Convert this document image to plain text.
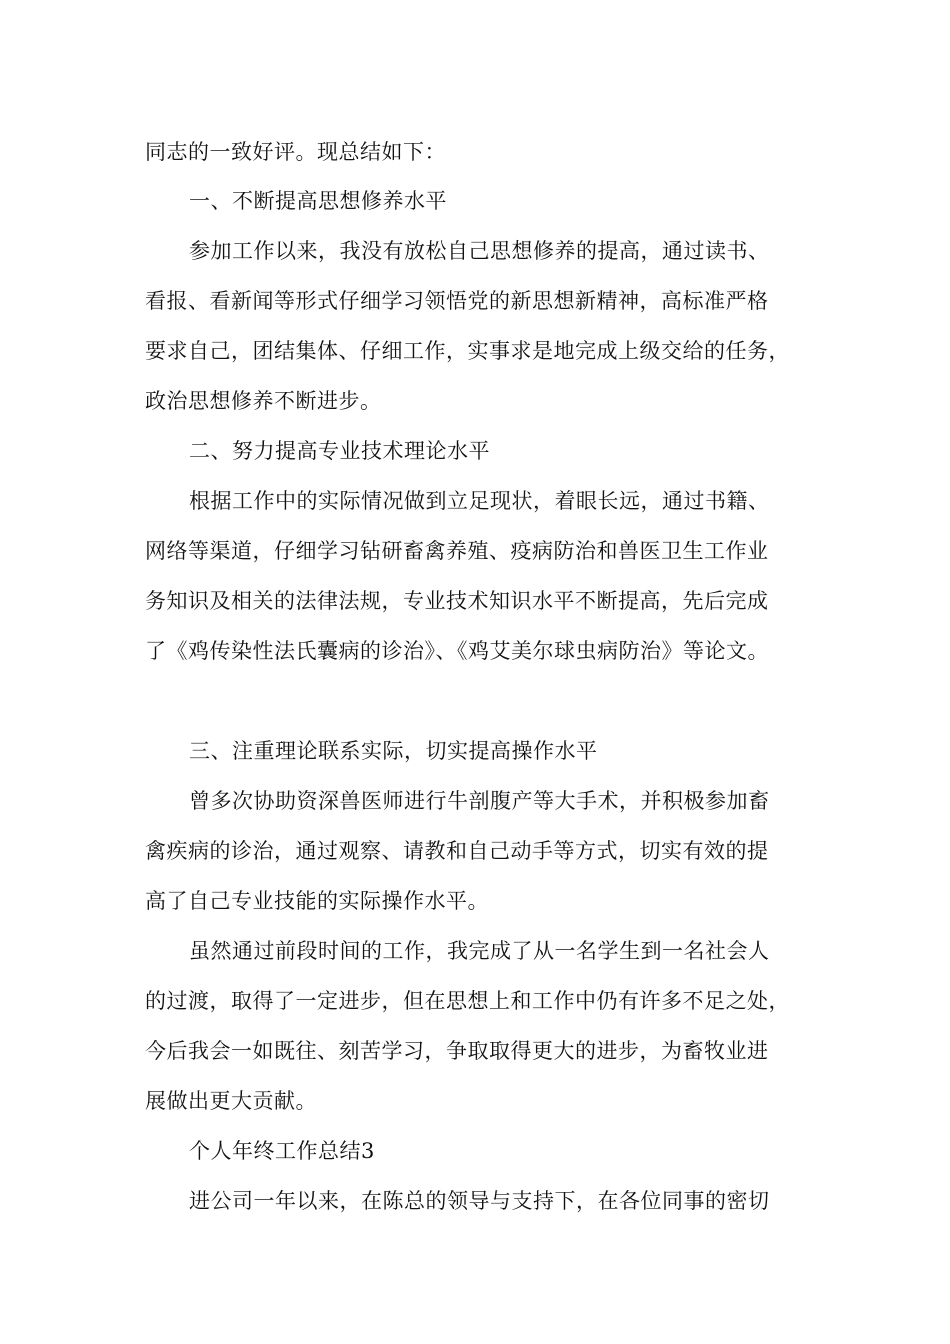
同志的一致好评。现总结如下：
一、不断提高思想修养水平
参加工作以来，我没有放松自己思想修养的提高，通过读书、
看报、看新闻等形式仔细学习领悟党的新思想新精神，高标准严格
要求自己，团结集体、仔细工作，实事求是地完成上级交给的任务，
政治思想修养不断进步。
二、努力提高专业技术理论水平
根据工作中的实际情况做到立足现状，着眼长远，通过书籍、
网络等渠道，仔细学习钻研畜禽养殖、疫病防治和兽医卫生工作业
务知识及相关的法律法规，专业技术知识水平不断提高，先后完成
了《鸡传染性法氏囊病的诊治》、《鸡艾美尔球虫病防治》等论文。
三、注重理论联系实际，切实提高操作水平
曾多次协助资深兽医师进行牛剖腹产等大手术，并积极参加畜
禽疾病的诊治，通过观察、请教和自己动手等方式，切实有效的提
高了自己专业技能的实际操作水平。
虽然通过前段时间的工作，我完成了从一名学生到一名社会人
的过渡，取得了一定进步，但在思想上和工作中仍有许多不足之处，
今后我会一如既往、刻苦学习，争取取得更大的进步，为畜牧业进
展做出更大贡献。
个人年终工作总结3
进公司一年以来，在陈总的领导与支持下，在各位同事的密切
